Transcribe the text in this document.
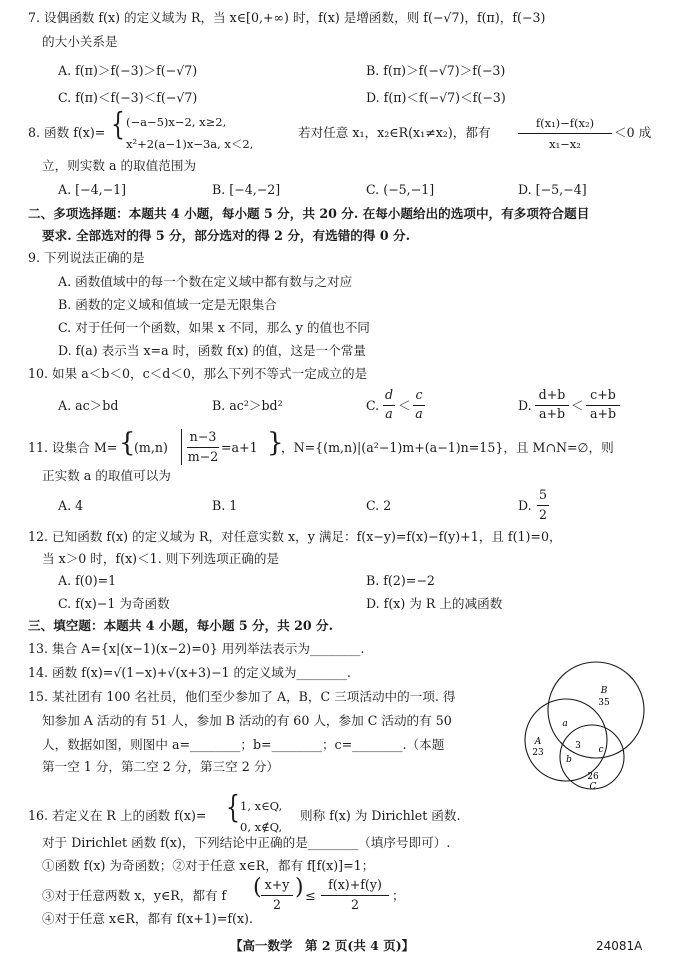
7. 设偶函数 f(x) 的定义域为 R，当 x∈[0,+∞) 时，f(x) 是增函数，则 f(−√7)，f(π)，f(−3)
的大小关系是
A. f(π)＞f(−3)＞f(−√7)	B. f(π)＞f(−√7)＞f(−3)
C. f(π)＜f(−3)＜f(−√7)	D. f(π)＜f(−√7)＜f(−3)
8. 函数 f(x)= { (−a−5)x−2, x≥2,
x²+2(a−1)x−3a, x＜2,
若对任意 x₁，x₂∈R(x₁≠x₂)，都有
f(x₁)−f(x₂)
x₁−x₂
＜0 成
立，则实数 a 的取值范围为
A. [−4,−1]	B. [−4,−2]	C. (−5,−1]	D. [−5,−4]
二、多项选择题：本题共 4 小题，每小题 5 分，共 20 分. 在每小题给出的选项中，有多项符合题目
要求. 全部选对的得 5 分，部分选对的得 2 分，有选错的得 0 分.
9. 下列说法正确的是
A. 函数值域中的每一个数在定义域中都有数与之对应
B. 函数的定义域和值域一定是无限集合
C. 对于任何一个函数，如果 x 不同，那么 y 的值也不同
D. f(a) 表示当 x=a 时，函数 f(x) 的值，这是一个常量
10. 如果 a＜b＜0，c＜d＜0，那么下列不等式一定成立的是
A. ac＞bd	B. ac²＞bd²	C.
d
a
＜
c
a
D.
d+b
a+b
＜
c+b
a+b
11. 设集合 M= {
(m,n)
n−3
m−2
=a+1 }
，N={(m,n)|(a²−1)m+(a−1)n=15}，且 M∩N=∅，则
正实数 a 的取值可以为
A. 4	B. 1	C. 2	D.
5
2
12. 已知函数 f(x) 的定义域为 R，对任意实数 x，y 满足：f(x−y)=f(x)−f(y)+1，且 f(1)=0，
当 x＞0 时，f(x)＜1. 则下列选项正确的是
A. f(0)=1	B. f(2)=−2
C. f(x)−1 为奇函数	D. f(x) 为 R 上的减函数
三、填空题：本题共 4 小题，每小题 5 分，共 20 分.
13. 集合 A={x|(x−1)(x−2)=0} 用列举法表示为________.
14. 函数 f(x)=√(1−x)+√(x+3)−1 的定义域为________.
15. 某社团有 100 名社员，他们至少参加了 A，B，C 三项活动中的一项. 得
知参加 A 活动的有 51 人，参加 B 活动的有 60 人，参加 C 活动的有 50
人，数据如图，则图中 a=________；b=________；c=________.（本题
第一空 1 分，第二空 2 分，第三空 2 分）
B
35
A
23
26
C
a
b
c
3
16. 若定义在 R 上的函数 f(x)= { 1, x∈Q,
0, x∉Q,
则称 f(x) 为 Dirichlet 函数.
对于 Dirichlet 函数 f(x)，下列结论中正确的是________（填序号即可）.
①函数 f(x) 为奇函数；②对于任意 x∈R，都有 f[f(x)]=1；
③对于任意两数 x，y∈R，都有 f ( x+y
2
) ≤
f(x)+f(y)
2
；
④对于任意 x∈R，都有 f(x+1)=f(x).
【高一数学　第 2 页(共 4 页)】	24081A
